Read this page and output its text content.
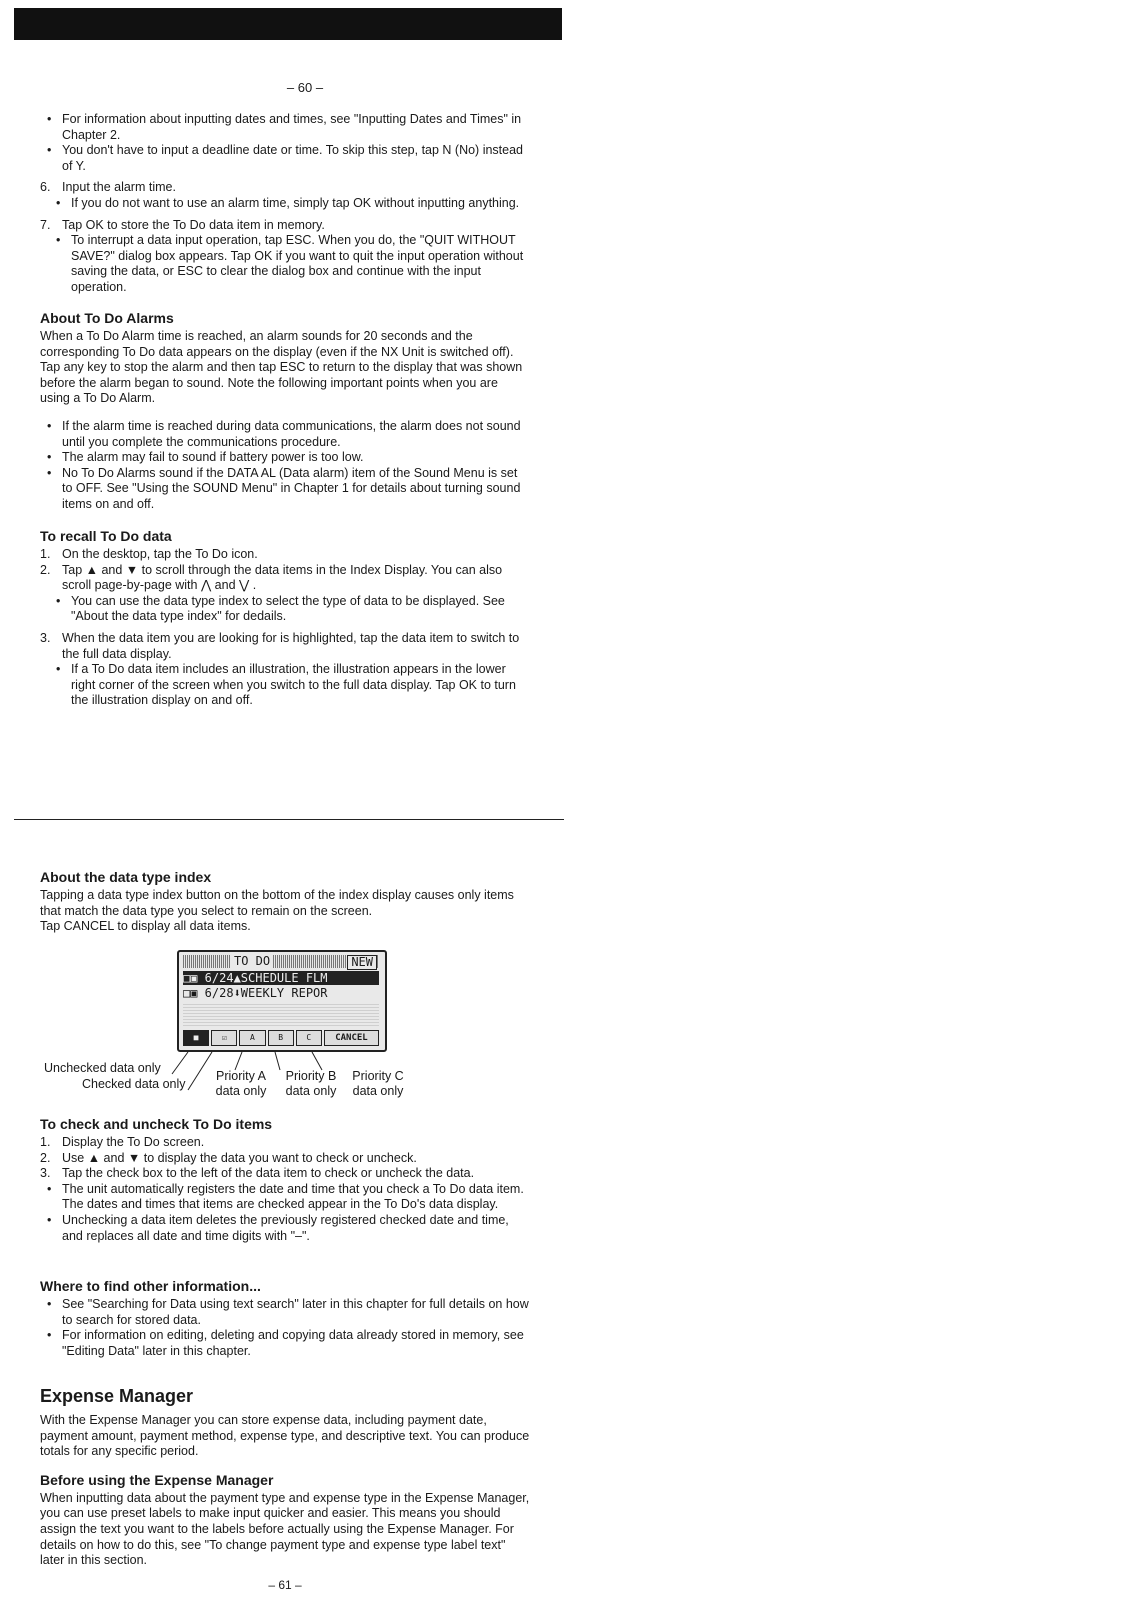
– 60 –
• For information about inputting dates and times, see "Inputting Dates and Times" in Chapter 2.
• You don't have to input a deadline date or time. To skip this step, tap N (No) instead of Y.
6. Input the alarm time.
• If you do not want to use an alarm time, simply tap OK without inputting anything.
7. Tap OK to store the To Do data item in memory.
• To interrupt a data input operation, tap ESC. When you do, the "QUIT WITHOUT SAVE?" dialog box appears. Tap OK if you want to quit the input operation without saving the data, or ESC to clear the dialog box and continue with the input operation.
About To Do Alarms

When a To Do Alarm time is reached, an alarm sounds for 20 seconds and the corresponding To Do data appears on the display (even if the NX Unit is switched off). Tap any key to stop the alarm and then tap ESC to return to the display that was shown before the alarm began to sound. Note the following important points when you are using a To Do Alarm.

• If the alarm time is reached during data communications, the alarm does not sound until you complete the communications procedure.
• The alarm may fail to sound if battery power is too low.
• No To Do Alarms sound if the DATA AL (Data alarm) item of the Sound Menu is set to OFF. See "Using the SOUND Menu" in Chapter 1 for details about turning sound items on and off.
To recall To Do data
1. On the desktop, tap the To Do icon.
2. Tap ▲ and ▼ to scroll through the data items in the Index Display. You can also scroll page-by-page with ⋀ and ⋁ .
• You can use the data type index to select the type of data to be displayed. See "About the data type index" for dedails.
3. When the data item you are looking for is highlighted, tap the data item to switch to the full data display.
• If a To Do data item includes an illustration, the illustration appears in the lower right corner of the screen when you switch to the full data display. Tap OK to turn the illustration display on and off.
About the data type index

Tapping a data type index button on the bottom of the index display causes only items that match the data type you select to remain on the screen.

Tap CANCEL to display all data items.

TO DO	NEW
□▣ 6/24▲SCHEDULE FLM
□▣ 6/28⬇WEEKLY REPOR
■	☑	A	B	C	CANCEL
Unchecked data only
Checked data only
Priority A
data only
Priority B
data only
Priority C
data only
To check and uncheck To Do items
1. Display the To Do screen.
2. Use ▲ and ▼ to display the data you want to check or uncheck.
3. Tap the check box to the left of the data item to check or uncheck the data.
• The unit automatically registers the date and time that you check a To Do data item. The dates and times that items are checked appear in the To Do's data display.
• Unchecking a data item deletes the previously registered checked date and time, and replaces all date and time digits with "–".
Where to find other information...
• See "Searching for Data using text search" later in this chapter for full details on how to search for stored data.
• For information on editing, deleting and copying data already stored in memory, see "Editing Data" later in this chapter.
Expense Manager

With the Expense Manager you can store expense data, including payment date, payment amount, payment method, expense type, and descriptive text. You can produce totals for any specific period.

Before using the Expense Manager

When inputting data about the payment type and expense type in the Expense Manager, you can use preset labels to make input quicker and easier. This means you should assign the text you want to the labels before actually using the Expense Manager. For details on how to do this, see "To change payment type and expense type label text" later in this section.

– 61 –
